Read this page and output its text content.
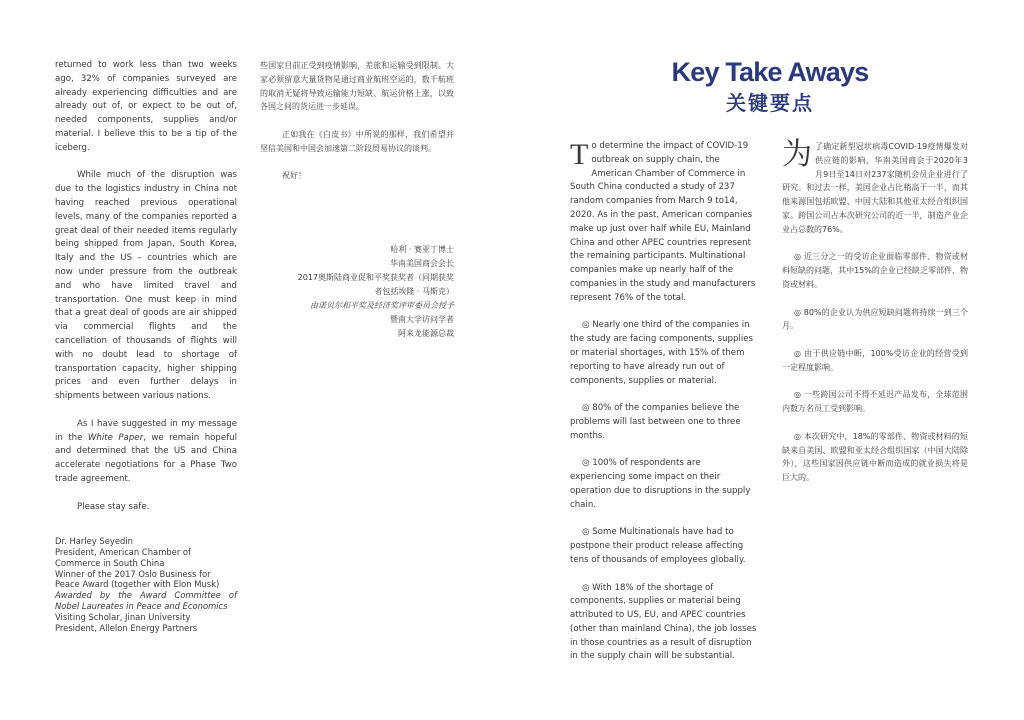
returned to work less than two weeks ago, 32% of companies surveyed are already experiencing difficulties and are already out of, or expect to be out of, needed components, supplies and/or material. I believe this to be a tip of the iceberg.

While much of the disruption was due to the logistics industry in China not having reached previous operational levels, many of the companies reported a great deal of their needed items regularly being shipped from Japan, South Korea, Italy and the US – countries which are now under pressure from the outbreak and who have limited travel and transportation. One must keep in mind that a great deal of goods are air shipped via commercial flights and the cancellation of thousands of flights will with no doubt lead to shortage of transportation capacity, higher shipping prices and even further delays in shipments between various nations.

As I have suggested in my message in the White Paper, we remain hopeful and determined that the US and China accelerate negotiations for a Phase Two trade agreement.

Please stay safe.

Dr. Harley Seyedin
President, American Chamber of Commerce in South China
Winner of the 2017 Oslo Business for Peace Award (together with Elon Musk)
Awarded by the Award Committee of Nobel Laureates in Peace and Economics
Visiting Scholar, Jinan University
President, Allelon Energy Partners

些国家目前正受到疫情影响，差旅和运输受到限制。大家必须留意大量货物是通过商业航班空运的，数千航班的取消无疑将导致运输能力短缺、航运价格上涨，以致各国之间的货运进一步延误。

正如我在《白皮书》中所说的那样，我们希望并坚信美国和中国会加速第二阶段贸易协议的谈判。

祝好！

哈利 · 赛亚丁博士
华南美国商会会长
2017奥斯陆商业促和平奖获奖者（同期获奖
者包括埃隆 · 马斯克）
由诺贝尔和平奖及经济奖评审委员会授予
暨南大学访问学者
阿来龙能源总裁
Key Take Aways
关键要点

To determine the impact of COVID-19 outbreak on supply chain, the American Chamber of Commerce in South China conducted a study of 237 random companies from March 9 to14, 2020. As in the past, American companies make up just over half while EU, Mainland China and other APEC countries represent the remaining participants. Multinational companies make up nearly half of the companies in the study and manufacturers represent 76% of the total.

◎ Nearly one third of the companies in the study are facing components, supplies or material shortages, with 15% of them reporting to have already run out of components, supplies or material.

◎ 80% of the companies believe the problems will last between one to three months.

◎ 100% of respondents are experiencing some impact on their operation due to disruptions in the supply chain.

◎ Some Multinationals have had to postpone their product release affecting tens of thousands of employees globally.

◎ With 18% of the shortage of components, supplies or material being attributed to US, EU, and APEC countries (other than mainland China), the job losses in those countries as a result of disruption in the supply chain will be substantial.

为了确定新型冠状病毒COVID-19疫情爆发对供应链的影响，华南美国商会于2020年3月9日至14日对237家随机会员企业进行了研究。和过去一样，美国企业占比稍高于一半，而其他来源国包括欧盟、中国大陆和其他亚太经合组织国家。跨国公司占本次研究公司的近一半，制造产业企业占总数的76%。

◎ 近三分之一的受访企业面临零部件、物资或材料短缺的问题，其中15%的企业已经缺乏零部件、物资或材料。

◎ 80%的企业认为供应短缺问题将持续一到三个月。

◎ 由于供应链中断，100%受访企业的经营受到一定程度影响。

◎ 一些跨国公司不得不延迟产品发布，全球范围内数万名员工受到影响。

◎ 本次研究中，18%的零部件、物资或材料的短缺来自美国、欧盟和亚太经合组织国家（中国大陆除外），这些国家因供应链中断而造成的就业损失将是巨大的。
